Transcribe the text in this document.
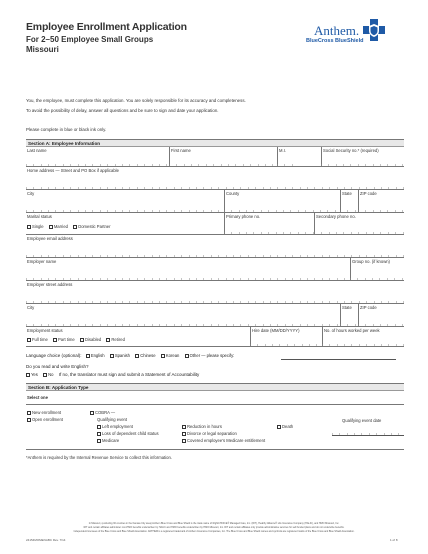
Employee Enrollment Application
For 2–50 Employee Small Groups
Missouri
Anthem.
BlueCross BlueShield
You, the employee, must complete this application. You are solely responsible for its accuracy and completeness.
To avoid the possibility of delay, answer all questions and be sure to sign and date your application.
Please complete in blue or black ink only.
Section A: Employee Information
Last name	First name	M.I.	Social Security no.* (required)
Home address — Street and PO Box if applicable
City	County	State ZIP code
Marital status
Single Married Domestic Partner
Primary phone no.	Secondary phone no.
Employee email address
Employer name	Group no. (if known)
Employer street address
City	State ZIP code
Employment status
Full time Part time Disabled Retired
Hire date (MM/DD/YYYY)	No. of hours worked per week
Language choice (optional): English Spanish Chinese Korean Other — please specify:
Do you read and write English?
Yes No If no, the translator must sign and submit a Statement of Accountability
Section B: Application Type
Select one
New enrollment
Open enrollment
COBRA —
Qualifying event
Left employment	Reduction in hours	Death
Loss of dependent child status	Divorce or legal separation
Medicare	Covered employee’s Medicare entitlement
Qualifying event date
*Anthem is required by the Internal Revenue Service to collect this information.
In Missouri, (excluding 30 counties in the Kansas City area) Anthem Blue Cross and Blue Shield is the trade name of RightCHOICE® Managed Care, Inc. (RIT), Healthy Alliance® Life Insurance Company (HALIC), and HMO Missouri, Inc.
RIT and certain affiliates administer non-HMO benefits underwritten by HALIC and HMO benefits underwritten by HMO Missouri, Inc. RIT and certain affiliates only provide administrative services for self-funded plans and do not underwrite benefits.
Independent licensees of the Blue Cross and Blue Shield Association. ANTHEM is a registered trademark of Anthem Insurance Companies, Inc. The Blue Cross and Blue Shield names and symbols are registered marks of the Blue Cross and Blue Shield Association.
24154MOMENABC Rev. 7/14	1 of 8
